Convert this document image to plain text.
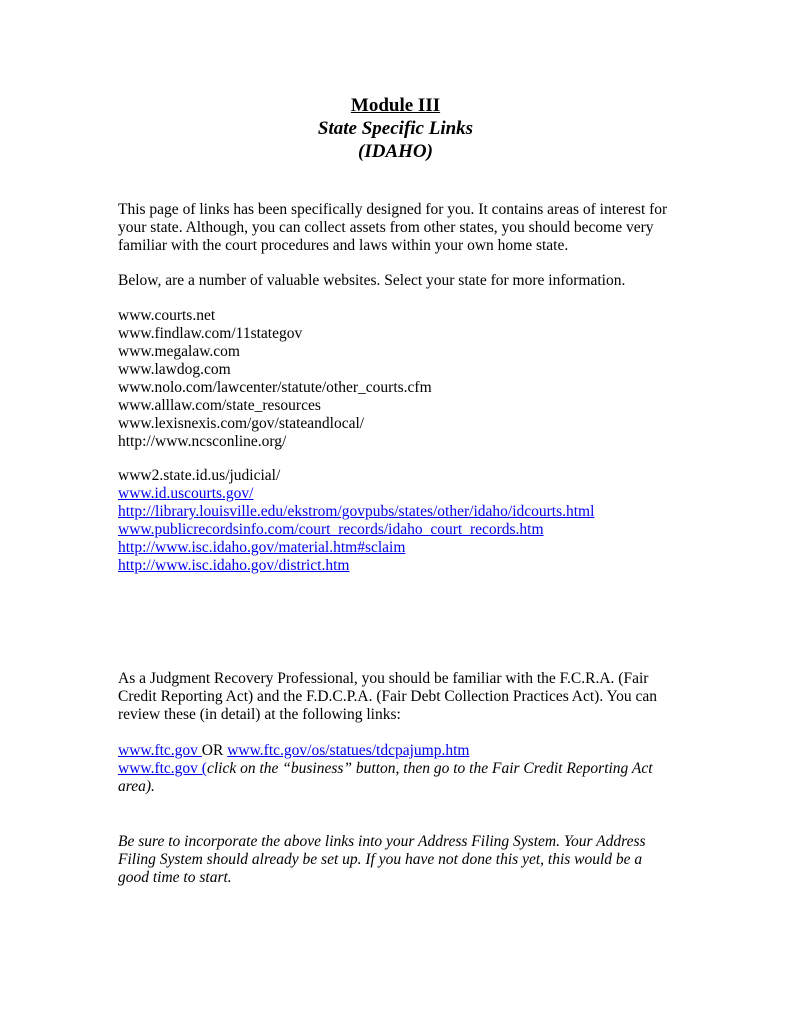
Module III
State Specific Links
(IDAHO)
This page of links has been specifically designed for you. It contains areas of interest for
your state. Although, you can collect assets from other states, you should become very
familiar with the court procedures and laws within your own home state.
Below, are a number of valuable websites. Select your state for more information.
www.courts.net
www.findlaw.com/11stategov
www.megalaw.com
www.lawdog.com
www.nolo.com/lawcenter/statute/other_courts.cfm
www.alllaw.com/state_resources
www.lexisnexis.com/gov/stateandlocal/
http://www.ncsconline.org/
www2.state.id.us/judicial/
www.id.uscourts.gov/
http://library.louisville.edu/ekstrom/govpubs/states/other/idaho/idcourts.html
www.publicrecordsinfo.com/court_records/idaho_court_records.htm
http://www.isc.idaho.gov/material.htm#sclaim
http://www.isc.idaho.gov/district.htm
As a Judgment Recovery Professional, you should be familiar with the F.C.R.A. (Fair
Credit Reporting Act) and the F.D.C.P.A. (Fair Debt Collection Practices Act). You can
review these (in detail) at the following links:
www.ftc.gov OR www.ftc.gov/os/statues/tdcpajump.htm
www.ftc.gov (click on the “business” button, then go to the Fair Credit Reporting Act
area).
Be sure to incorporate the above links into your Address Filing System. Your Address
Filing System should already be set up. If you have not done this yet, this would be a
good time to start.
